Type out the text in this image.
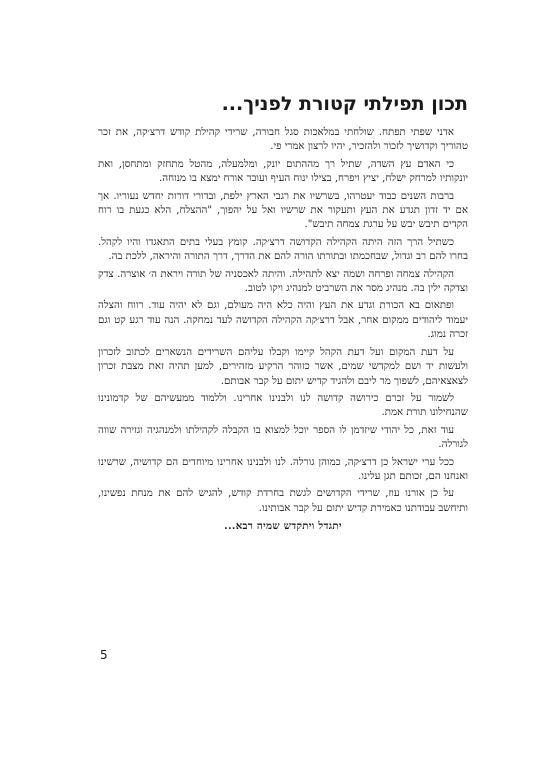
תכון תפילתי קטורת לפניך...

אדני שפתי תפתח. שולחתי במלאכות סגל חבורה, שרידי קהילת קודש דרצ׳קה, את זכר טהוריך וקדושיך לזכור ולהזכיר, יהיו לרצון אמרי פי.

כי האדם עץ השדה, שתיל רך מההתום יונק, ומלמעלה, מהטל מתחזק ומתחסן, ואת יונקותיו למרחק ישלח, יציץ ויפרח, בצילו ינוח העיף ועובר אורח ימצא בו מנוחה.

ברבות השנים כבוד יעטרהו, בשרשיו את רגבי הארץ ילפת, ובדורי דורות יחדש נעוריו. אך אם יד זדון תגדע את העץ ותעקור את שרשיו ואל על יהפוך, "ההצלח, הלא כגעת בו רוח הקדים תיבש יבש על ערגת צמחה תיבש".

כשתיל הרך הזה היתה הקהילה הקדושה דרצ׳קה. קומץ בעלי בתים התאגדו והיו לקהל. בחרו להם רב וגדול, שבחכמתו ובתורתו הורה להם את הדרך, דרך התורה והיראה, ללכת בה.

הקהילה צמחה ופרחה ושמה יצא לתהילה. והיתה לאכסניה של תורה ויראת ה׳ אוצרה. צדק וצדקה ילין בה. מנהיג מסר את השרביט למנהיג ויקו לטוב.

ופתאום בא הכורת וגדע את העץ והיה כלא היה מעולם, וגם לא יהיה עוד. רווח והצלה יעמוד ליהודים ממקום אחר, אבל דרצ׳קה הקהילה הקדושה לעד נמחקה. הנה עוד רגע קט וגם זכרה נמוג.

על דעת המקום ועל דעת הקהל קיימו וקבלו עליהם השרידים הנשארים לכתוב לזכרון ולעשות יד ושם למקדשי שמים, אשר כזוהר הרקיע מזהירים, למען תהיה זאת מצבת זכרון לצאצאיהם, לשפוך מר ליבם ולהגיד קדיש יתום על קבר אבותם.

לשמור על זכרם כירושה קדושה לנו ולבנינו אחרינו. וללמוד ממעשיהם של קדמונינו שהנחילונו תורת אמת.

עוד זאת, כל יהודי שיזדמן לו הספר יוכל למצוא בו הקבלה לקהילתו ולמנהגיה וגזירה שווה לגורלה.

ככל ערי ישראל כן דרצ׳קה, כמוהן גורלה. לנו ולבנינו אחרינו מיוחדים הם קדושיה, שרשינו ואנחנו הם, זכותם תגן עלינו.

על כן אורנו עוז, שרידי הקדושים לגשת בחרדת קודש, להגיש להם את מנחת נפשינו, ותיחשב עבודתנו כאמירת קדיש יתום על קבר אבותינו.

יתגדל ויתקדש שמיה רבא...

5
